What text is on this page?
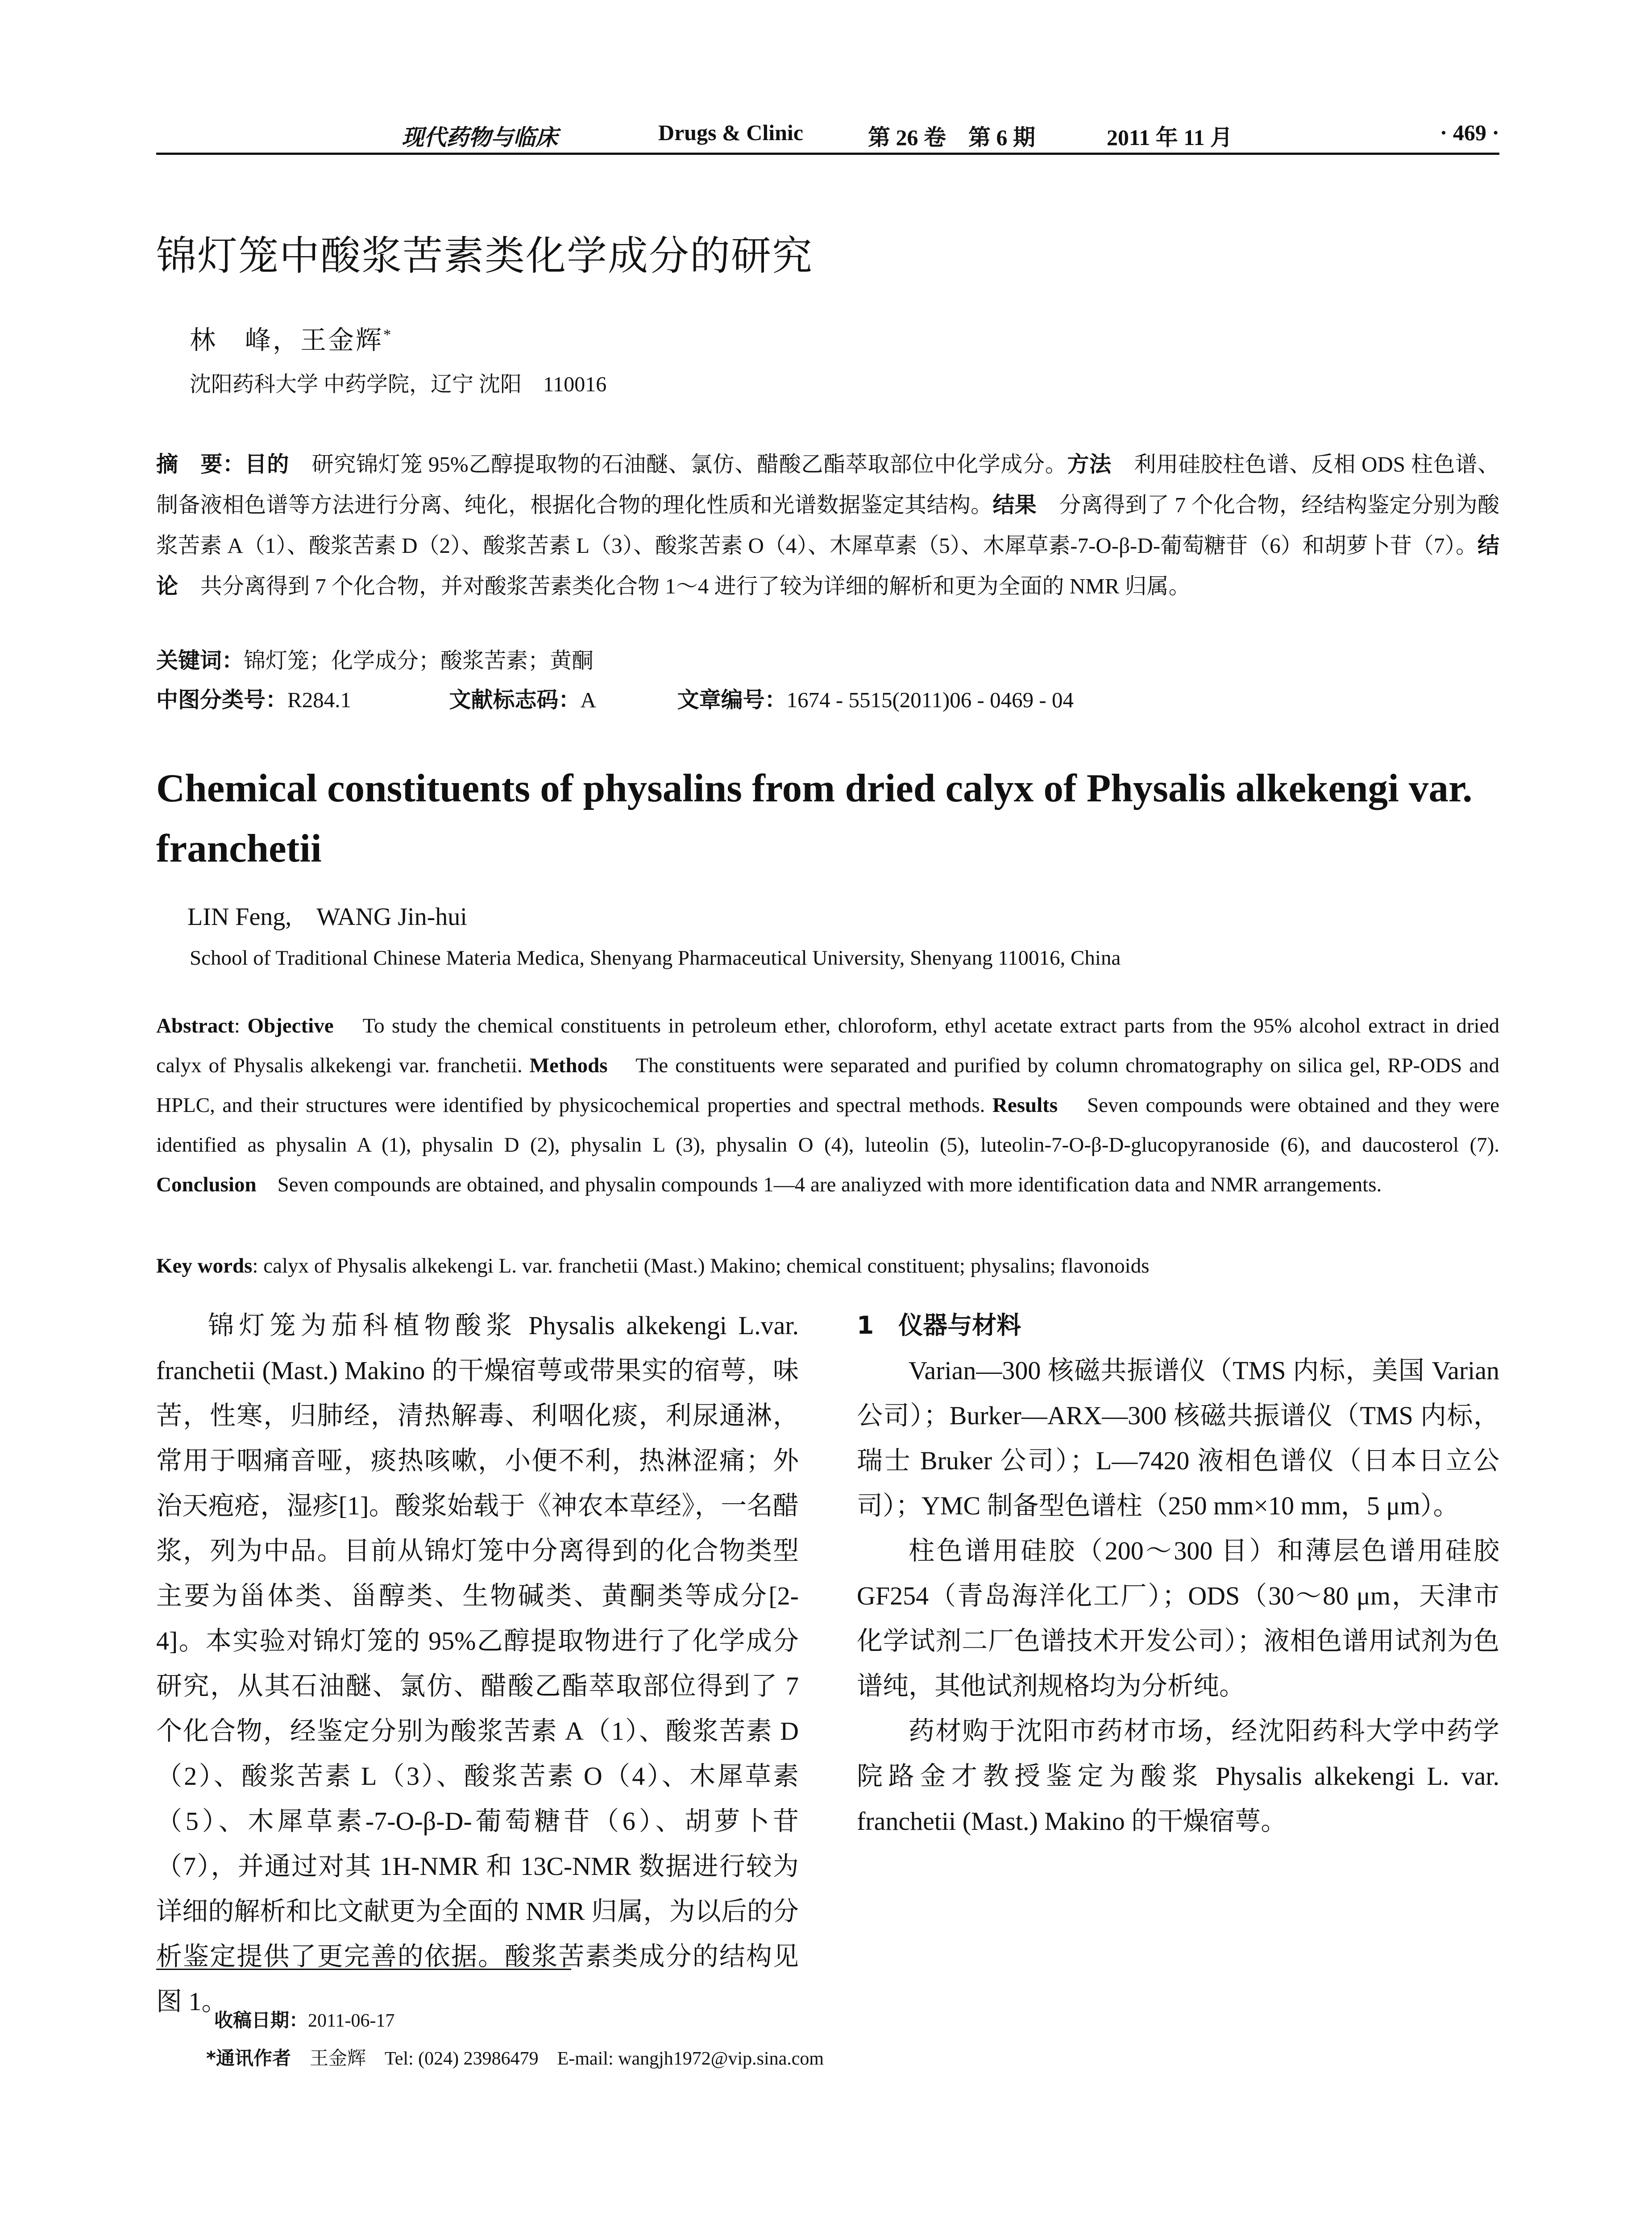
现代药物与临床	Drugs & Clinic	第 26 卷　第 6 期	2011 年 11 月	· 469 ·
锦灯笼中酸浆苦素类化学成分的研究
林　峰，王金辉*
沈阳药科大学 中药学院，辽宁 沈阳　110016
摘　要：目的 研究锦灯笼 95%乙醇提取物的石油醚、氯仿、醋酸乙酯萃取部位中化学成分。方法 利用硅胶柱色谱、反相 ODS 柱色谱、制备液相色谱等方法进行分离、纯化，根据化合物的理化性质和光谱数据鉴定其结构。结果 分离得到了 7 个化合物，经结构鉴定分别为酸浆苦素 A（1）、酸浆苦素 D（2）、酸浆苦素 L（3）、酸浆苦素 O（4）、木犀草素（5）、木犀草素-7-O-β-D-葡萄糖苷（6）和胡萝卜苷（7）。结论 共分离得到 7 个化合物，并对酸浆苦素类化合物 1～4 进行了较为详细的解析和更为全面的 NMR 归属。
关键词：锦灯笼；化学成分；酸浆苦素；黄酮
中图分类号：R284.1	文献标志码：A	文章编号：1674 - 5515(2011)06 - 0469 - 04
Chemical constituents of physalins from dried calyx of Physalis alkekengi var. franchetii
LIN Feng,　WANG Jin-hui
School of Traditional Chinese Materia Medica, Shenyang Pharmaceutical University, Shenyang 110016, China
Abstract: Objective To study the chemical constituents in petroleum ether, chloroform, ethyl acetate extract parts from the 95% alcohol extract in dried calyx of Physalis alkekengi var. franchetii. Methods The constituents were separated and purified by column chromatography on silica gel, RP-ODS and HPLC, and their structures were identified by physicochemical properties and spectral methods. Results Seven compounds were obtained and they were identified as physalin A (1), physalin D (2), physalin L (3), physalin O (4), luteolin (5), luteolin-7-O-β-D-glucopyranoside (6), and daucosterol (7). Conclusion Seven compounds are obtained, and physalin compounds 1—4 are analiyzed with more identification data and NMR arrangements.
Key words: calyx of Physalis alkekengi L. var. franchetii (Mast.) Makino; chemical constituent; physalins; flavonoids

锦灯笼为茄科植物酸浆 Physalis alkekengi L.var. franchetii (Mast.) Makino 的干燥宿萼或带果实的宿萼，味苦，性寒，归肺经，清热解毒、利咽化痰，利尿通淋，常用于咽痛音哑，痰热咳嗽，小便不利，热淋涩痛；外治天疱疮，湿疹[1]。酸浆始载于《神农本草经》，一名醋浆，列为中品。目前从锦灯笼中分离得到的化合物类型主要为甾体类、甾醇类、生物碱类、黄酮类等成分[2-4]。本实验对锦灯笼的 95%乙醇提取物进行了化学成分研究，从其石油醚、氯仿、醋酸乙酯萃取部位得到了 7 个化合物，经鉴定分别为酸浆苦素 A（1）、酸浆苦素 D（2）、酸浆苦素 L（3）、酸浆苦素 O（4）、木犀草素（5）、木犀草素-7-O-β-D-葡萄糖苷（6）、胡萝卜苷（7），并通过对其 1H-NMR 和 13C-NMR 数据进行较为详细的解析和比文献更为全面的 NMR 归属，为以后的分析鉴定提供了更完善的依据。酸浆苦素类成分的结构见图 1。

1　仪器与材料

Varian—300 核磁共振谱仪（TMS 内标，美国 Varian 公司）；Burker—ARX—300 核磁共振谱仪（TMS 内标，瑞士 Bruker 公司）；L—7420 液相色谱仪（日本日立公司）；YMC 制备型色谱柱（250 mm×10 mm，5 μm）。

柱色谱用硅胶（200～300 目）和薄层色谱用硅胶 GF254（青岛海洋化工厂）；ODS（30～80 μm，天津市化学试剂二厂色谱技术开发公司）；液相色谱用试剂为色谱纯，其他试剂规格均为分析纯。

药材购于沈阳市药材市场，经沈阳药科大学中药学院路金才教授鉴定为酸浆 Physalis alkekengi L. var. franchetii (Mast.) Makino 的干燥宿萼。

收稿日期：2011-06-17
*通讯作者 王金辉 Tel: (024) 23986479 E-mail: wangjh1972@vip.sina.com
